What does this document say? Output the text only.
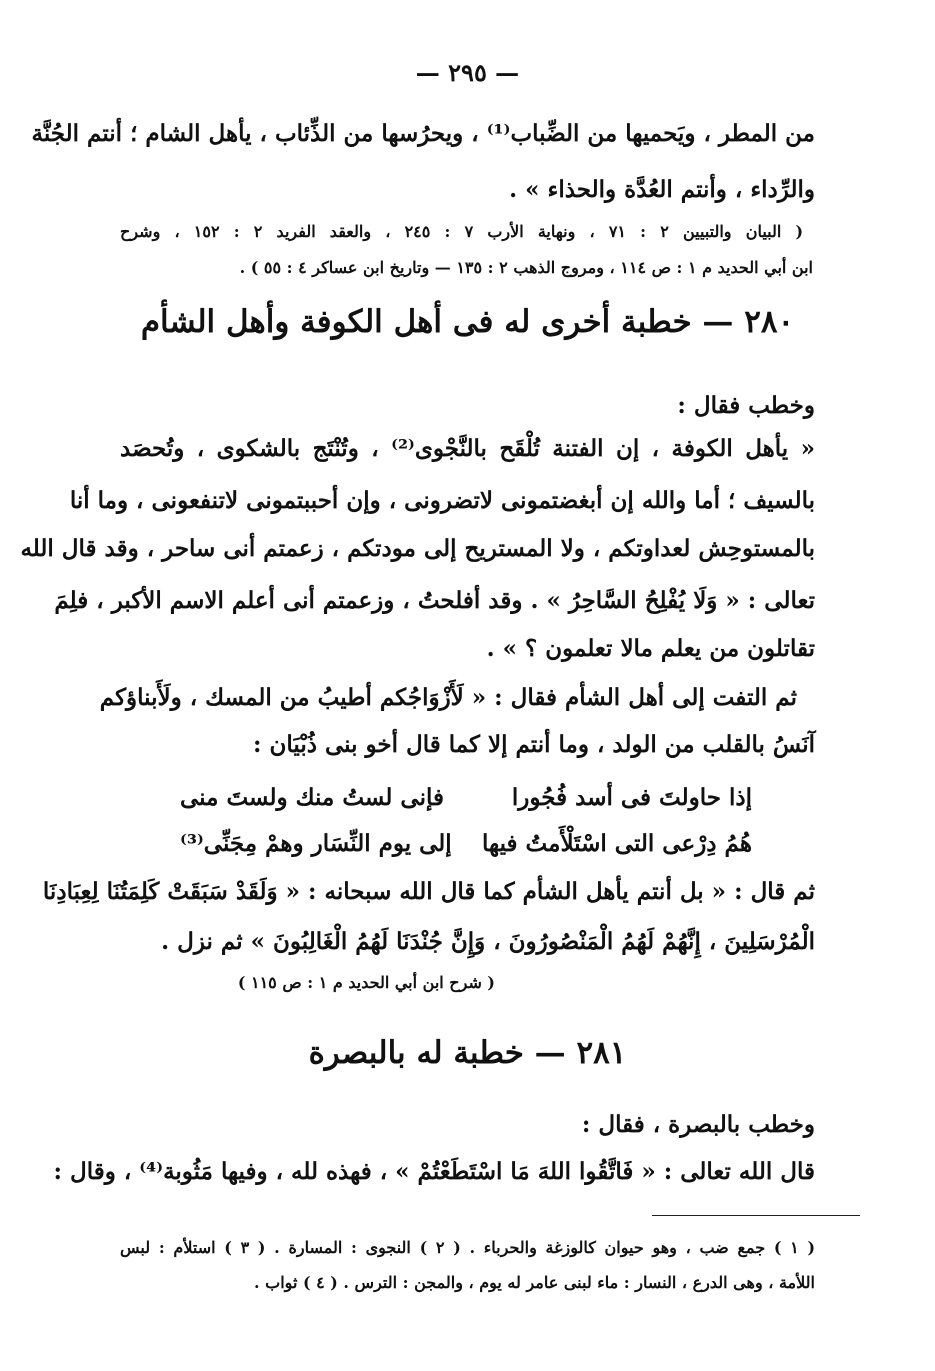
— ٢٩٥ —
من المطر ، ويَحميها من الضِّباب⁽¹⁾ ، ويحرُسها من الذِّئاب ، يأهل الشام ؛ أنتم الجُنَّة
والرِّداء ، وأنتم العُدَّة والحذاء » .
( البيان والتبيين ٢ : ٧١ ، ونهاية الأرب ٧ : ٢٤٥ ، والعقد الفريد ٢ : ١٥٢ ، وشرح
ابن أبي الحديد م ١ : ص ١١٤ ، ومروج الذهب ٢ : ١٣٥ — وتاريخ ابن عساكر ٤ : ٥٥ ) .
٢٨٠ — خطبة أخرى له فى أهل الكوفة وأهل الشأم
وخطب فقال :
« يأهل الكوفة ، إن الفتنة تُلْقَح بالنَّجْوى⁽²⁾ ، وتُنْتَج بالشكوى ، وتُحصَد
بالسيف ؛ أما والله إن أبغضتمونى لاتضرونى ، وإن أحببتمونى لاتنفعونى ، وما أنا
بالمستوحِش لعداوتكم ، ولا المستريح إلى مودتكم ، زعمتم أنى ساحر ، وقد قال الله
تعالى : « وَلَا يُفْلِحُ السَّاحِرُ » . وقد أفلحتُ ، وزعمتم أنى أعلم الاسم الأكبر ، فلِمَ
تقاتلون من يعلم مالا تعلمون ؟ » .
ثم التفت إلى أهل الشأم فقال : « لَأَزْوَاجُكم أطيبُ من المسك ، ولَأَبناؤكم
آنَسُ بالقلب من الولد ، وما أنتم إلا كما قال أخو بنى ذُبْيَان :
إذا حاولتَ فى أسد فُجُورا
فإنى لستُ منك ولستَ منى
هُمُ دِرْعى التى اسْتَلْأَمتُ فيها
إلى يوم النِّسَار وهمْ مِجَنِّى⁽³⁾
ثم قال : « بل أنتم يأهل الشأم كما قال الله سبحانه : « وَلَقَدْ سَبَقَتْ كَلِمَتُنَا لِعِبَادِنَا
الْمُرْسَلِينَ ، إِنَّهُمْ لَهُمُ الْمَنْصُورُونَ ، وَإِنَّ جُنْدَنَا لَهُمُ الْغَالِبُونَ » ثم نزل .
( شرح ابن أبي الحديد م ١ : ص ١١٥ )
٢٨١ — خطبة له بالبصرة
وخطب بالبصرة ، فقال :
قال الله تعالى : « فَاتَّقُوا اللهَ مَا اسْتَطَعْتُمْ » ، فهذه لله ، وفيها مَثُوبة⁽⁴⁾ ، وقال :
( ١ ) جمع ضب ، وهو حيوان كالوزغة والحرباء . ( ٢ ) النجوى : المسارة . ( ٣ ) استلأم : لبس
اللأمة ، وهى الدرع ، النسار : ماء لبنى عامر له يوم ، والمجن : الترس . ( ٤ ) ثواب .
